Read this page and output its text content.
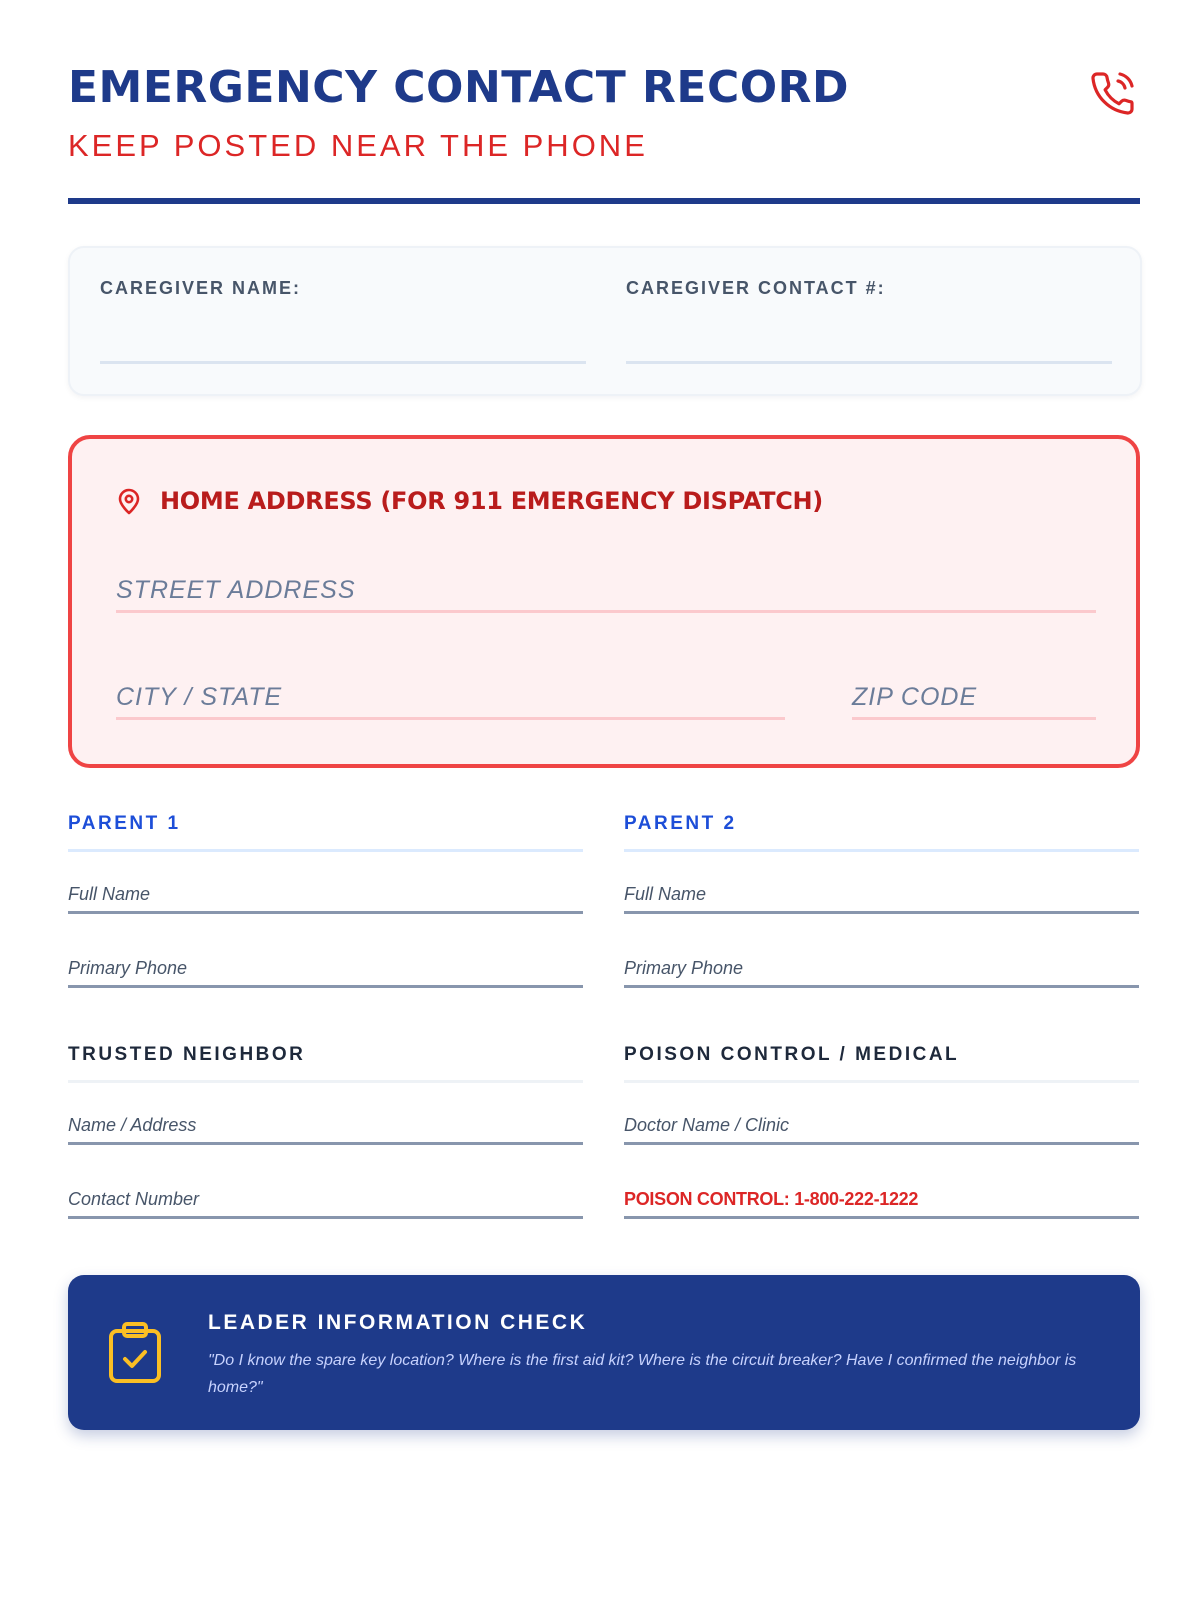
EMERGENCY CONTACT RECORD
KEEP POSTED NEAR THE PHONE
CAREGIVER NAME:	CAREGIVER CONTACT #:
HOME ADDRESS (FOR 911 EMERGENCY DISPATCH)
STREET ADDRESS
CITY / STATE	ZIP CODE
PARENT 1
Full Name
Primary Phone
PARENT 2
Full Name
Primary Phone
TRUSTED NEIGHBOR
Name / Address
Contact Number
POISON CONTROL / MEDICAL
Doctor Name / Clinic
POISON CONTROL: 1-800-222-1222
LEADER INFORMATION CHECK
"Do I know the spare key location? Where is the first aid kit? Where is the circuit breaker? Have I confirmed the neighbor is home?"
